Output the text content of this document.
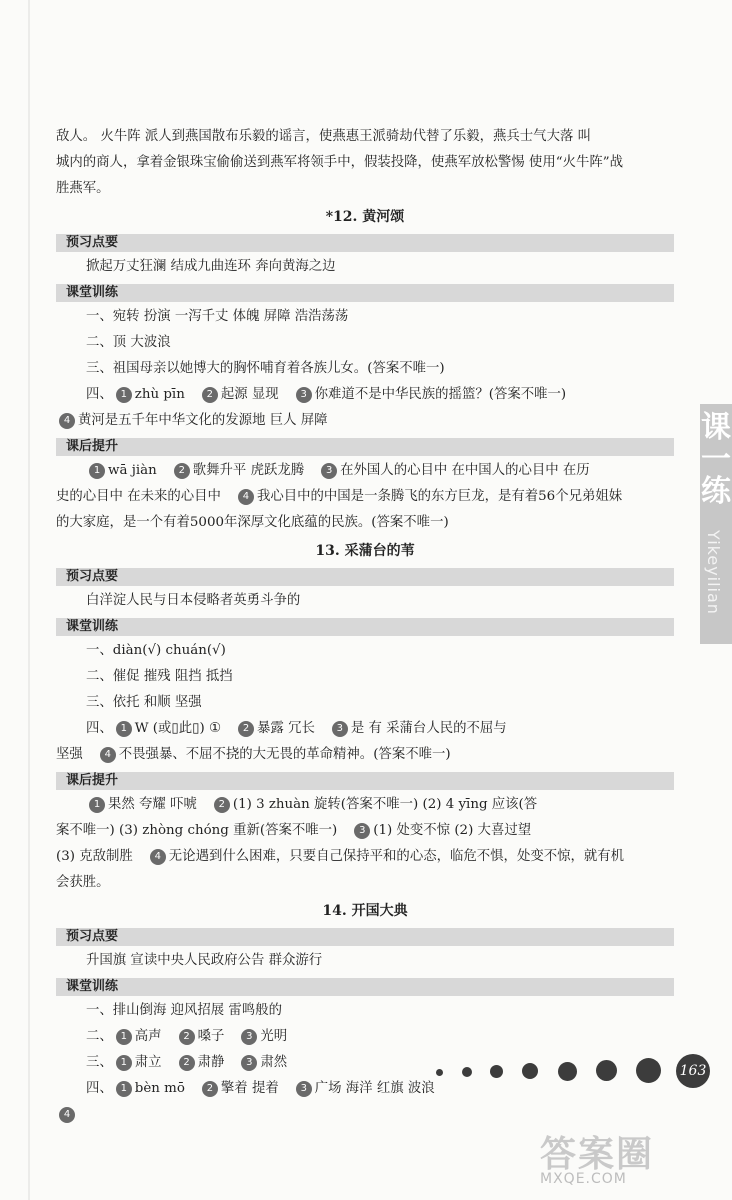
敌人。 火牛阵 派人到燕国散布乐毅的谣言，使燕惠王派骑劫代替了乐毅，燕兵士气大落 叫
城内的商人，拿着金银珠宝偷偷送到燕军将领手中，假装投降，使燕军放松警惕 使用“火牛阵”战
胜燕军。
*12. 黄河颂
预习点要
掀起万丈狂澜 结成九曲连环 奔向黄海之边
课堂训练
一、宛转 扮演 一泻千丈 体魄 屏障 浩浩荡荡
二、顶 大波浪
三、祖国母亲以她博大的胸怀哺育着各族儿女。(答案不唯一)
四、 1 zhù pīn 2 起源 显现 3 你难道不是中华民族的摇篮？(答案不唯一)
4 黄河是五千年中华文化的发源地 巨人 屏障
课后提升
1 wā jiàn 2 歌舞升平 虎跃龙腾 3 在外国人的心目中 在中国人的心目中 在历
史的心目中 在未来的心目中 4 我心目中的中国是一条腾飞的东方巨龙，是有着56个兄弟姐妹
的大家庭，是一个有着5000年深厚文化底蕴的民族。(答案不唯一)
13. 采蒲台的苇
预习点要
白洋淀人民与日本侵略者英勇斗争的
课堂训练
一、diàn(√) chuán(√)
二、催促 摧残 阻挡 抵挡
三、依托 和顺 坚强
四、 1 W (或▯此▯) ① 2 暴露 冗长 3 是 有 采蒲台人民的不屈与
坚强 4 不畏强暴、不屈不挠的大无畏的革命精神。(答案不唯一)
课后提升
1 果然 夸耀 吓唬 2 (1) 3 zhuàn 旋转(答案不唯一) (2) 4 yīng 应该(答
案不唯一) (3) zhòng chóng 重新(答案不唯一) 3 (1) 处变不惊 (2) 大喜过望
(3) 克敌制胜 4 无论遇到什么困难，只要自己保持平和的心态，临危不惧，处变不惊，就有机
会获胜。
14. 开国大典
预习点要
升国旗 宣读中央人民政府公告 群众游行
课堂训练
一、排山倒海 迎风招展 雷鸣般的
二、 1 高声 2 嗓子 3 光明
三、 1 肃立 2 肃静 3 肃然
四、 1 bèn mō 2 擎着 提着 3 广场 海洋 红旗 波浪
4
课一练
Yikeyilian
163
答案圈
MXQE.COM
